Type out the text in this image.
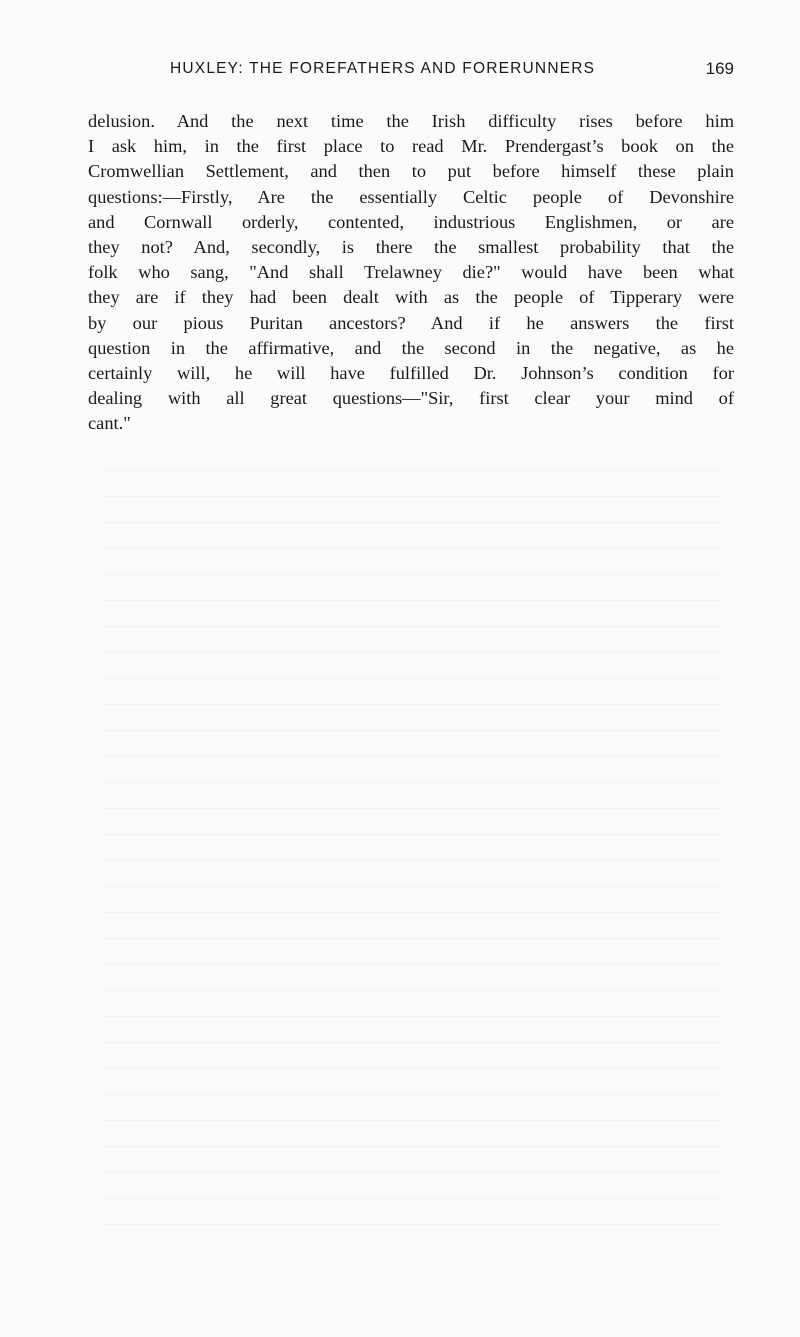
HUXLEY: THE FOREFATHERS AND FORERUNNERS	169
delusion. And the next time the Irish difficulty rises before him
I ask him, in the first place to read Mr. Prendergast’s book on the
Cromwellian Settlement, and then to put before himself these plain
questions:—Firstly, Are the essentially Celtic people of Devonshire
and Cornwall orderly, contented, industrious Englishmen, or are
they not? And, secondly, is there the smallest probability that the
folk who sang, "And shall Trelawney die?" would have been what
they are if they had been dealt with as the people of Tipperary were
by our pious Puritan ancestors? And if he answers the first
question in the affirmative, and the second in the negative, as he
certainly will, he will have fulfilled Dr. Johnson’s condition for
dealing with all great questions—"Sir, first clear your mind of
cant."
